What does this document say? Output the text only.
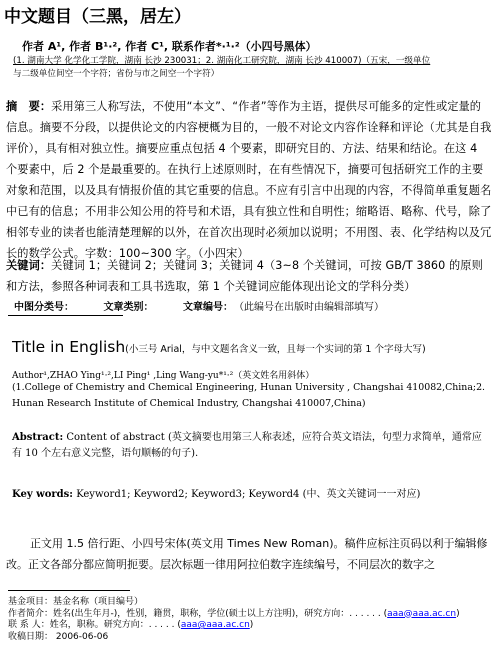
中文题目（三黑，居左）
作者 A¹, 作者 B¹·², 作者 C¹, 联系作者*·¹·²（小四号黑体）
(1. 湖南大学 化学化工学院，湖南 长沙 230031；2. 湖南化工研究院，湖南 长沙 410007)（五宋，一级单位
与二级单位间空一个字符；省份与市之间空一个字符）
摘　要：采用第三人称写法，不使用“本文”、“作者”等作为主语，提供尽可能多的定性或定量的信息。摘要不分段，以提供论文的内容梗概为目的，一般不对论文内容作诠释和评论（尤其是自我评价），具有相对独立性。摘要应重点包括 4 个要素，即研究目的、方法、结果和结论。在这 4 个要素中，后 2 个是最重要的。在执行上述原则时，在有些情况下，摘要可包括研究工作的主要对象和范围，以及具有情报价值的其它重要的信息。不应有引言中出现的内容，不得简单重复题名中已有的信息；不用非公知公用的符号和术语，具有独立性和自明性；缩略语、略称、代号，除了相邻专业的读者也能清楚理解的以外，在首次出现时必须加以说明；不用图、表、化学结构以及冗长的数学公式。字数：100~300 字。（小四宋）
关键词：关键词 1；关键词 2；关键词 3；关键词 4（3~8 个关键词，可按 GB/T 3860 的原则和方法，参照各种词表和工具书选取，第 1 个关键词应能体现出论文的学科分类）
中图分类号：	文章类别：	文章编号： （此编号在出版时由编辑部填写）
Title in English(小三号 Arial，与中文题名含义一致，且每一个实词的第 1 个字母大写)
Author¹,ZHAO Ying¹·²,LI Ping¹ ,Ling Wang-yu*¹·²（英文姓名用斜体）
(1.College of Chemistry and Chemical Engineering, Hunan University , Changshai 410082,China;2. Hunan Research Institute of Chemical Industry, Changshai 410007,China)
Abstract: Content of abstract (英文摘要也用第三人称表述，应符合英文语法，句型力求简单，通常应有 10 个左右意义完整，语句顺畅的句子).
Key words: Keyword1; Keyword2; Keyword3; Keyword4 (中、英文关键词一一对应)
正文用 1.5 倍行距、小四号宋体(英文用 Times New Roman)。稿件应标注页码以利于编辑修改。正文各部分都应简明扼要。层次标题一律用阿拉伯数字连续编号，不同层次的数字之
基金项目：基金名称（项目编号）
作者简介：姓名(出生年月-)，性别，籍贯，职称，学位(硕士以上方注明)，研究方向：. . . . . . (aaa@aaa.ac.cn)
联 系 人：姓名，职称。研究方向：. . . . . (aaa@aaa.ac.cn)
收稿日期： 2006-06-06
